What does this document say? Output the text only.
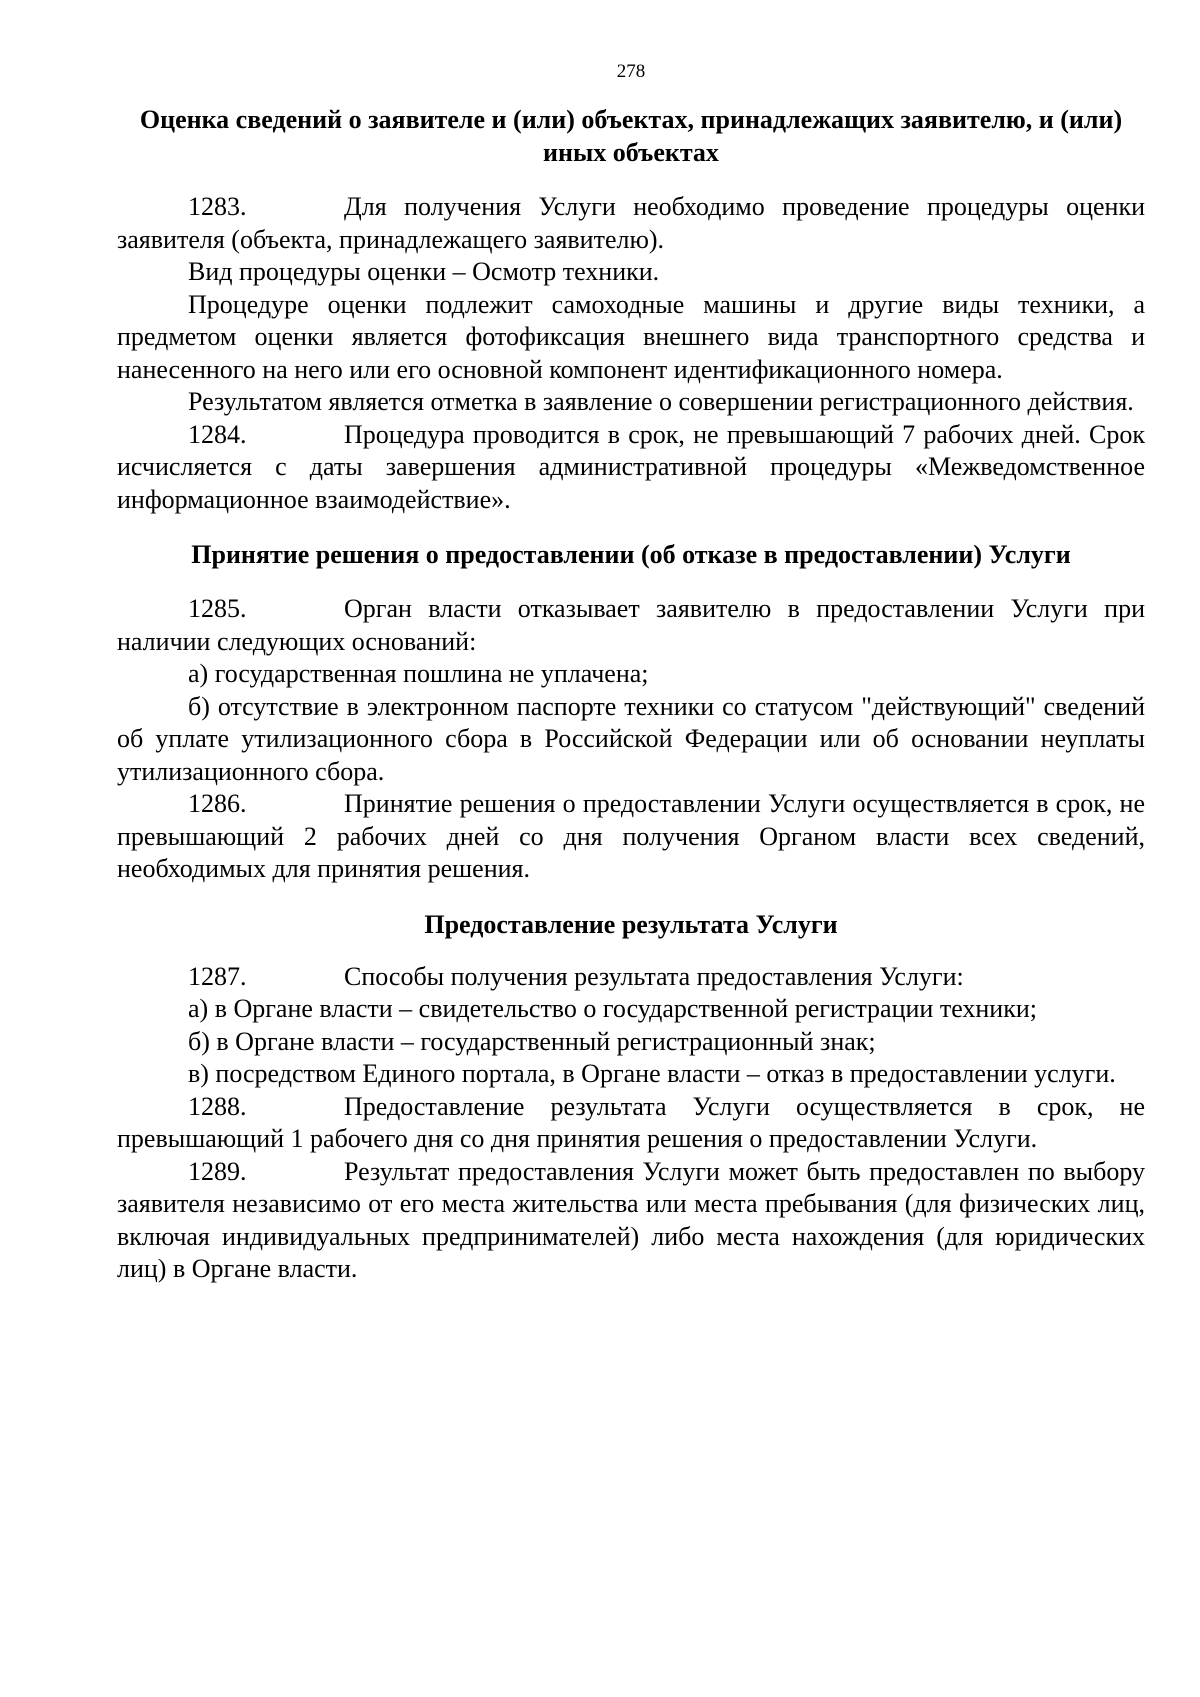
278
Оценка сведений о заявителе и (или) объектах, принадлежащих заявителю, и (или) иных объектах

1283.	Для получения Услуги необходимо проведение процедуры оценки заявителя (объекта, принадлежащего заявителю).

Вид процедуры оценки – Осмотр техники.

Процедуре оценки подлежит самоходные машины и другие виды техники, а предметом оценки является фотофиксация внешнего вида транспортного средства и нанесенного на него или его основной компонент идентификационного номера.

Результатом является отметка в заявление о совершении регистрационного действия.

1284.	Процедура проводится в срок, не превышающий 7 рабочих дней. Срок исчисляется с даты завершения административной процедуры «Межведомственное информационное взаимодействие».

Принятие решения о предоставлении (об отказе в предоставлении) Услуги

1285.	Орган власти отказывает заявителю в предоставлении Услуги при наличии следующих оснований:

а) государственная пошлина не уплачена;

б) отсутствие в электронном паспорте техники со статусом "действующий" сведений об уплате утилизационного сбора в Российской Федерации или об основании неуплаты утилизационного сбора.

1286.	Принятие решения о предоставлении Услуги осуществляется в срок, не превышающий 2 рабочих дней со дня получения Органом власти всех сведений, необходимых для принятия решения.

Предоставление результата Услуги

1287.	Способы получения результата предоставления Услуги:

а) в Органе власти – свидетельство о государственной регистрации техники;

б) в Органе власти – государственный регистрационный знак;

в) посредством Единого портала, в Органе власти – отказ в предоставлении услуги.

1288.	Предоставление результата Услуги осуществляется в срок, не превышающий 1 рабочего дня со дня принятия решения о предоставлении Услуги.

1289.	Результат предоставления Услуги может быть предоставлен по выбору заявителя независимо от его места жительства или места пребывания (для физических лиц, включая индивидуальных предпринимателей) либо места нахождения (для юридических лиц) в Органе власти.
